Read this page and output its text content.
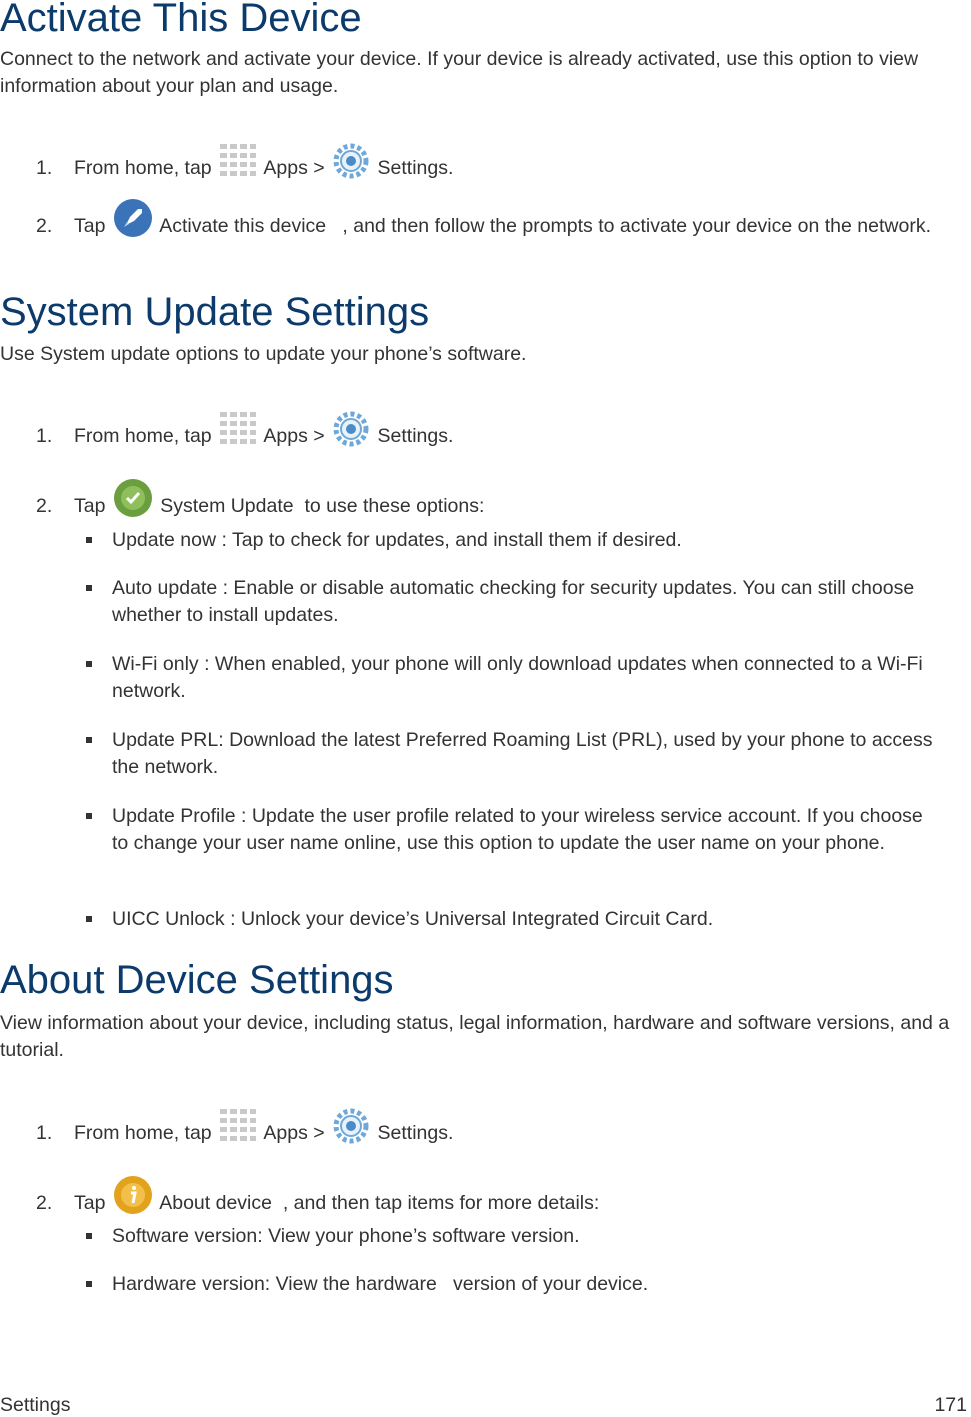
Activate This Device
Connect to the network and activate your device. If your device is already activated, use this option to view information about your plan and usage.
1. From home, tap	Apps >	Settings.
2. Tap	Activate this device , and then follow the prompts to activate your device on the network.
System Update Settings
Use System update options to update your phone’s software.
1. From home, tap	Apps >	Settings.
2. Tap	System Update to use these options:
Update now : Tap to check for updates, and install them if desired.
Auto update : Enable or disable automatic checking for security updates. You can still choose whether to install updates.
Wi-Fi only : When enabled, your phone will only download updates when connected to a Wi-Fi network.
Update PRL: Download the latest Preferred Roaming List (PRL), used by your phone to access the network.
Update Profile : Update the user profile related to your wireless service account. If you choose to change your user name online, use this option to update the user name on your phone.
UICC Unlock : Unlock your device’s Universal Integrated Circuit Card.
About Device Settings
View information about your device, including status, legal information, hardware and software versions, and a tutorial.
1. From home, tap	Apps >	Settings.
2. Tap	About device , and then tap items for more details:
Software version: View your phone’s software version.
Hardware version: View the hardware   version of your device.
Settings	171
